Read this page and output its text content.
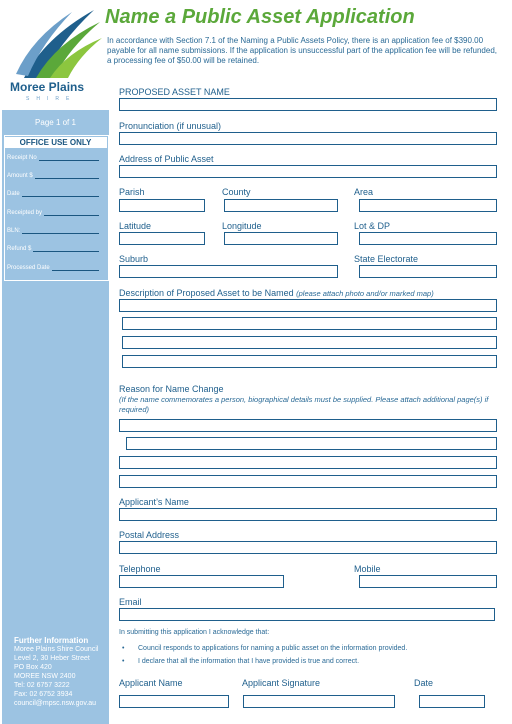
Moree Plains
SHIRE
Name a Public Asset Application
In accordance with Section 7.1 of the Naming a Public Assets Policy, there is an application fee of $390.00 payable for all name submissions. If the application is unsuccessful part of the application fee will be refunded, a processing fee of $50.00 will be retained.
Page 1 of 1
OFFICE USE ONLY
Receipt No
Amount $
Date
Receipted by
BLN:
Refund $
Processed Date
Further Information
Moree Plains Shire Council
Level 2, 30 Heber Street
PO Box 420
MOREE NSW 2400
Tel: 02 6757 3222
Fax: 02 6752 3934
council@mpsc.nsw.gov.au
PROPOSED ASSET NAME
Pronunciation (if unusual)
Address of Public Asset
Parish	County	Area
Latitude	Longitude	Lot & DP
Suburb	State Electorate
Description of Proposed Asset to be Named (please attach photo and/or marked map)
Reason for Name Change
(If the name commemorates a person, biographical details must be supplied. Please attach additional page(s) if required)
Applicant’s Name
Postal Address
Telephone	Mobile
Email
In submitting this application I acknowledge that:
•	Council responds to applications for naming a public asset on the information provided.
•	I declare that all the information that I have provided is true and correct.
Applicant Name	Applicant Signature	Date
